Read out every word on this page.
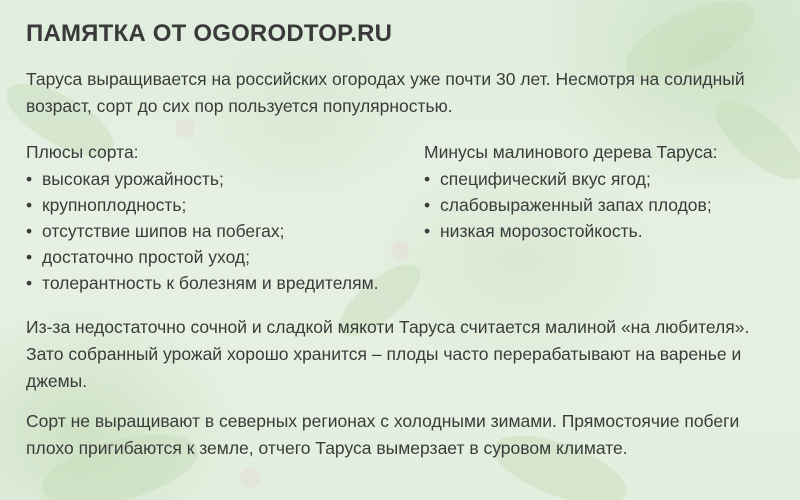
ПАМЯТКА ОТ OGORODTOP.RU

Таруса выращивается на российских огородах уже почти 30 лет. Несмотря на солидный возраст, сорт до сих пор пользуется популярностью.

Плюсы сорта:

• высокая урожайность;
• крупноплодность;
• отсутствие шипов на побегах;
• достаточно простой уход;
• толерантность к болезням и вредителям.

Минусы малинового дерева Таруса:

• специфический вкус ягод;
• слабовыраженный запах плодов;
• низкая морозостойкость.

Из-за недостаточно сочной и сладкой мякоти Таруса считается малиной «на любителя». Зато собранный урожай хорошо хранится – плоды часто перерабатывают на варенье и джемы.

Сорт не выращивают в северных регионах с холодными зимами. Прямостоячие побеги плохо пригибаются к земле, отчего Таруса вымерзает в суровом климате.
